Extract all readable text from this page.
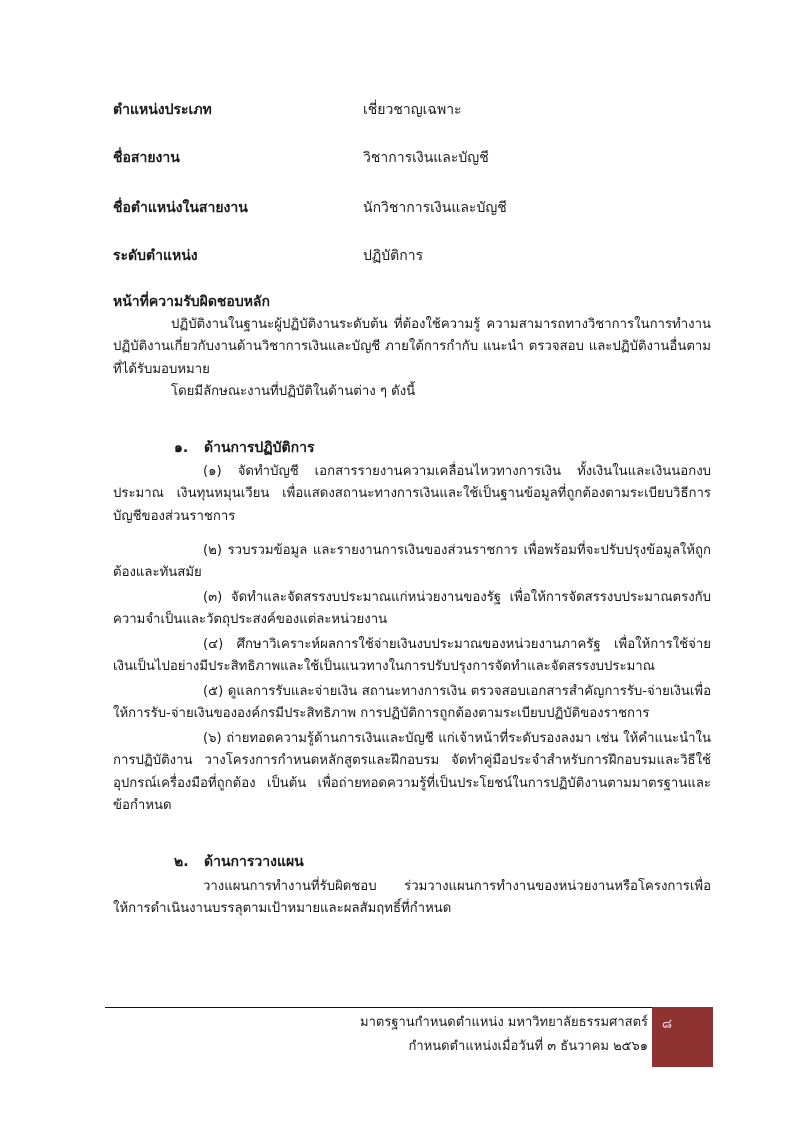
ตำแหน่งประเภท	เชี่ยวชาญเฉพาะ
ชื่อสายงาน	วิชาการเงินและบัญชี
ชื่อตำแหน่งในสายงาน	นักวิชาการเงินและบัญชี
ระดับตำแหน่ง	ปฏิบัติการ
หน้าที่ความรับผิดชอบหลัก

ปฏิบัติงานในฐานะผู้ปฏิบัติงานระดับต้น ที่ต้องใช้ความรู้ ความสามารถทางวิชาการในการทำงาน ปฏิบัติงานเกี่ยวกับงานด้านวิชาการเงินและบัญชี ภายใต้การกำกับ แนะนำ ตรวจสอบ และปฏิบัติงานอื่นตามที่ได้รับมอบหมาย

โดยมีลักษณะงานที่ปฏิบัติในด้านต่าง ๆ ดังนี้

๑. ด้านการปฏิบัติการ

(๑) จัดทำบัญชี เอกสารรายงานความเคลื่อนไหวทางการเงิน ทั้งเงินในและเงินนอกงบประมาณ เงินทุนหมุนเวียน เพื่อแสดงสถานะทางการเงินและใช้เป็นฐานข้อมูลที่ถูกต้องตามระเบียบวิธีการบัญชีของส่วนราชการ

(๒) รวบรวมข้อมูล และรายงานการเงินของส่วนราชการ เพื่อพร้อมที่จะปรับปรุงข้อมูลให้ถูกต้องและทันสมัย

(๓) จัดทำและจัดสรรงบประมาณแก่หน่วยงานของรัฐ เพื่อให้การจัดสรรงบประมาณตรงกับความจำเป็นและวัตถุประสงค์ของแต่ละหน่วยงาน

(๔) ศึกษาวิเคราะห์ผลการใช้จ่ายเงินงบประมาณของหน่วยงานภาครัฐ เพื่อให้การใช้จ่ายเงินเป็นไปอย่างมีประสิทธิภาพและใช้เป็นแนวทางในการปรับปรุงการจัดทำและจัดสรรงบประมาณ

(๕) ดูแลการรับและจ่ายเงิน สถานะทางการเงิน ตรวจสอบเอกสารสำคัญการรับ-จ่ายเงินเพื่อให้การรับ-จ่ายเงินขององค์กรมีประสิทธิภาพ การปฏิบัติการถูกต้องตามระเบียบปฏิบัติของราชการ

(๖) ถ่ายทอดความรู้ด้านการเงินและบัญชี แก่เจ้าหน้าที่ระดับรองลงมา เช่น ให้คำแนะนำในการปฏิบัติงาน วางโครงการกำหนดหลักสูตรและฝึกอบรม จัดทำคู่มือประจำสำหรับการฝึกอบรมและวิธีใช้อุปกรณ์เครื่องมือที่ถูกต้อง เป็นต้น เพื่อถ่ายทอดความรู้ที่เป็นประโยชน์ในการปฏิบัติงานตามมาตรฐานและข้อกำหนด

๒. ด้านการวางแผน

วางแผนการทำงานที่รับผิดชอบ ร่วมวางแผนการทำงานของหน่วยงานหรือโครงการเพื่อให้การดำเนินงานบรรลุตามเป้าหมายและผลสัมฤทธิ์ที่กำหนด

มาตรฐานกำหนดตำแหน่ง มหาวิทยาลัยธรรมศาสตร์
กำหนดตำแหน่งเมื่อวันที่ ๓ ธันวาคม ๒๕๖๑
๘
